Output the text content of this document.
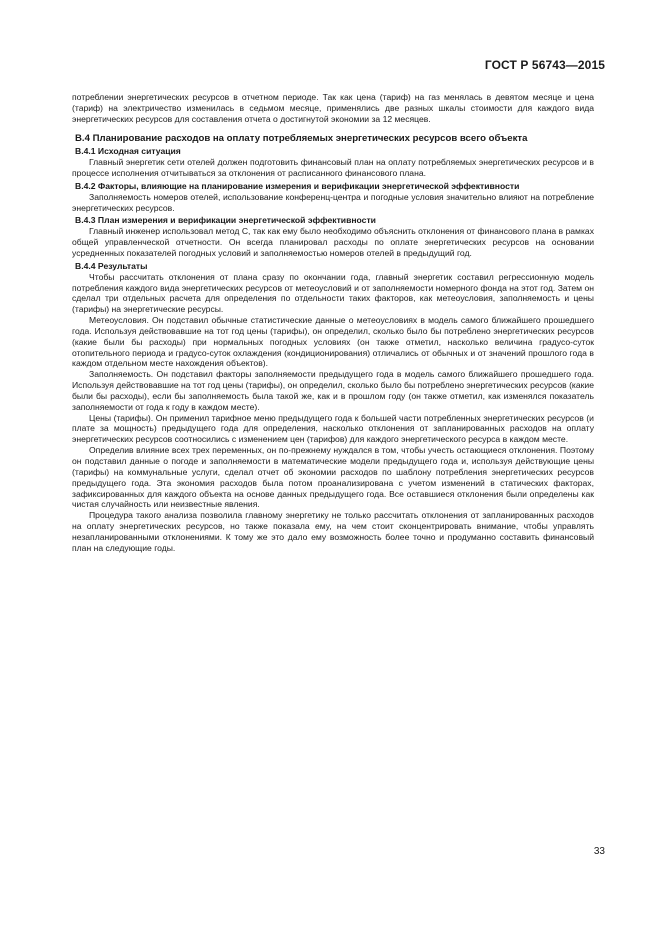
ГОСТ Р 56743—2015

потреблении энергетических ресурсов в отчетном периоде. Так как цена (тариф) на газ менялась в девятом месяце и цена (тариф) на электричество изменилась в седьмом месяце, применялись две разных шкалы стоимости для каждого вида энергетических ресурсов для составления отчета о достигнутой экономии за 12 месяцев.

В.4 Планирование расходов на оплату потребляемых энергетических ресурсов всего объекта

В.4.1 Исходная ситуация

Главный энергетик сети отелей должен подготовить финансовый план на оплату потребляемых энергетических ресурсов и в процессе исполнения отчитываться за отклонения от расписанного финансового плана.

В.4.2 Факторы, влияющие на планирование измерения и верификации энергетической эффективности

Заполняемость номеров отелей, использование конференц-центра и погодные условия значительно влияют на потребление энергетических ресурсов.

В.4.3 План измерения и верификации энергетической эффективности

Главный инженер использовал метод С, так как ему было необходимо объяснить отклонения от финансового плана в рамках общей управленческой отчетности. Он всегда планировал расходы по оплате энергетических ресурсов на основании усредненных показателей погодных условий и заполняемостью номеров отелей в предыдущий год.

В.4.4 Результаты

Чтобы рассчитать отклонения от плана сразу по окончании года, главный энергетик составил регрессионную модель потребления каждого вида энергетических ресурсов от метеоусловий и от заполняемости номерного фонда на этот год. Затем он сделал три отдельных расчета для определения по отдельности таких факторов, как метеоусловия, заполняемость и цены (тарифы) на энергетические ресурсы.

Метеоусловия. Он подставил обычные статистические данные о метеоусловиях в модель самого ближайшего прошедшего года. Используя действовавшие на тот год цены (тарифы), он определил, сколько было бы потреблено энергетических ресурсов (какие были бы расходы) при нормальных погодных условиях (он также отметил, насколько величина градусо-суток отопительного периода и градусо-суток охлаждения (кондиционирования) отличались от обычных и от значений прошлого года в каждом отдельном месте нахождения объектов).

Заполняемость. Он подставил факторы заполняемости предыдущего года в модель самого ближайшего прошедшего года. Используя действовавшие на тот год цены (тарифы), он определил, сколько было бы потреблено энергетических ресурсов (какие были бы расходы), если бы заполняемость была такой же, как и в прошлом году (он также отметил, как изменялся показатель заполняемости от года к году в каждом месте).

Цены (тарифы). Он применил тарифное меню предыдущего года к большей части потребленных энергетических ресурсов (и плате за мощность) предыдущего года для определения, насколько отклонения от запланированных расходов на оплату энергетических ресурсов соотносились с изменением цен (тарифов) для каждого энергетического ресурса в каждом месте.

Определив влияние всех трех переменных, он по-прежнему нуждался в том, чтобы учесть остающиеся отклонения. Поэтому он подставил данные о погоде и заполняемости в математические модели предыдущего года и, используя действующие цены (тарифы) на коммунальные услуги, сделал отчет об экономии расходов по шаблону потребления энергетических ресурсов предыдущего года. Эта экономия расходов была потом проанализирована с учетом изменений в статических факторах, зафиксированных для каждого объекта на основе данных предыдущего года. Все оставшиеся отклонения были определены как чистая случайность или неизвестные явления.

Процедура такого анализа позволила главному энергетику не только рассчитать отклонения от запланированных расходов на оплату энергетических ресурсов, но также показала ему, на чем стоит сконцентрировать внимание, чтобы управлять незапланированными отклонениями. К тому же это дало ему возможность более точно и продуманно составить финансовый план на следующие годы.

33
